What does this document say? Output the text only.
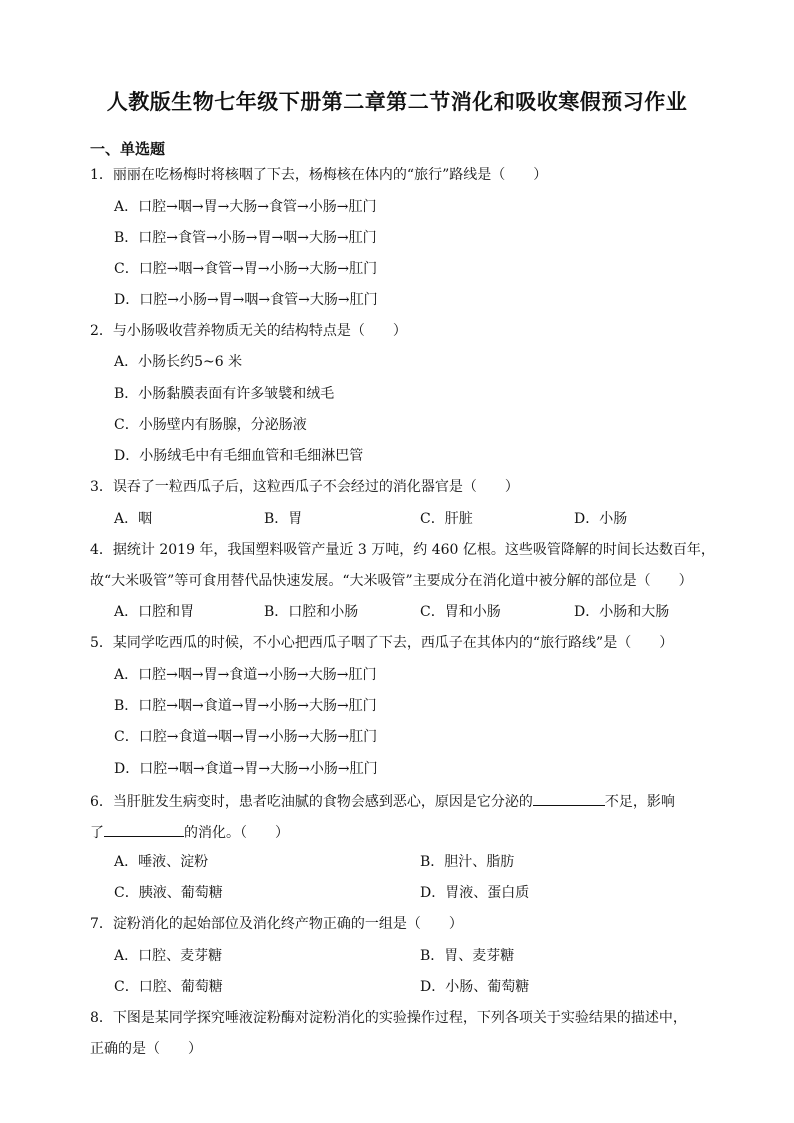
人教版生物七年级下册第二章第二节消化和吸收寒假预习作业
一、单选题
1．丽丽在吃杨梅时将核咽了下去，杨梅核在体内的“旅行”路线是（　　）
A．口腔→咽→胃→大肠→食管→小肠→肛门
B．口腔→食管→小肠→胃→咽→大肠→肛门
C．口腔→咽→食管→胃→小肠→大肠→肛门
D．口腔→小肠→胃→咽→食管→大肠→肛门
2．与小肠吸收营养物质无关的结构特点是（　　）
A．小肠长约5~6 米
B．小肠黏膜表面有许多皱襞和绒毛
C．小肠壁内有肠腺，分泌肠液
D．小肠绒毛中有毛细血管和毛细淋巴管
3．误吞了一粒西瓜子后，这粒西瓜子不会经过的消化器官是（　　）
A．咽	B．胃	C．肝脏	D．小肠
4．据统计 2019 年，我国塑料吸管产量近 3 万吨，约 460 亿根。这些吸管降解的时间长达数百年，
故“大米吸管”等可食用替代品快速发展。“大米吸管”主要成分在消化道中被分解的部位是（　　）
A．口腔和胃	B．口腔和小肠	C．胃和小肠	D．小肠和大肠
5．某同学吃西瓜的时候，不小心把西瓜子咽了下去，西瓜子在其体内的“旅行路线”是（　　）
A．口腔→咽→胃→食道→小肠→大肠→肛门
B．口腔→咽→食道→胃→小肠→大肠→肛门
C．口腔→食道→咽→胃→小肠→大肠→肛门
D．口腔→咽→食道→胃→大肠→小肠→肛门
6．当肝脏发生病变时，患者吃油腻的食物会感到恶心，原因是它分泌的	不足，影响
了	的消化。（　　）
A．唾液、淀粉	B．胆汁、脂肪
C．胰液、葡萄糖	D．胃液、蛋白质
7．淀粉消化的起始部位及消化终产物正确的一组是（　　）
A．口腔、麦芽糖	B．胃、麦芽糖
C．口腔、葡萄糖	D．小肠、葡萄糖
8．下图是某同学探究唾液淀粉酶对淀粉消化的实验操作过程，下列各项关于实验结果的描述中，
正确的是（　　）
